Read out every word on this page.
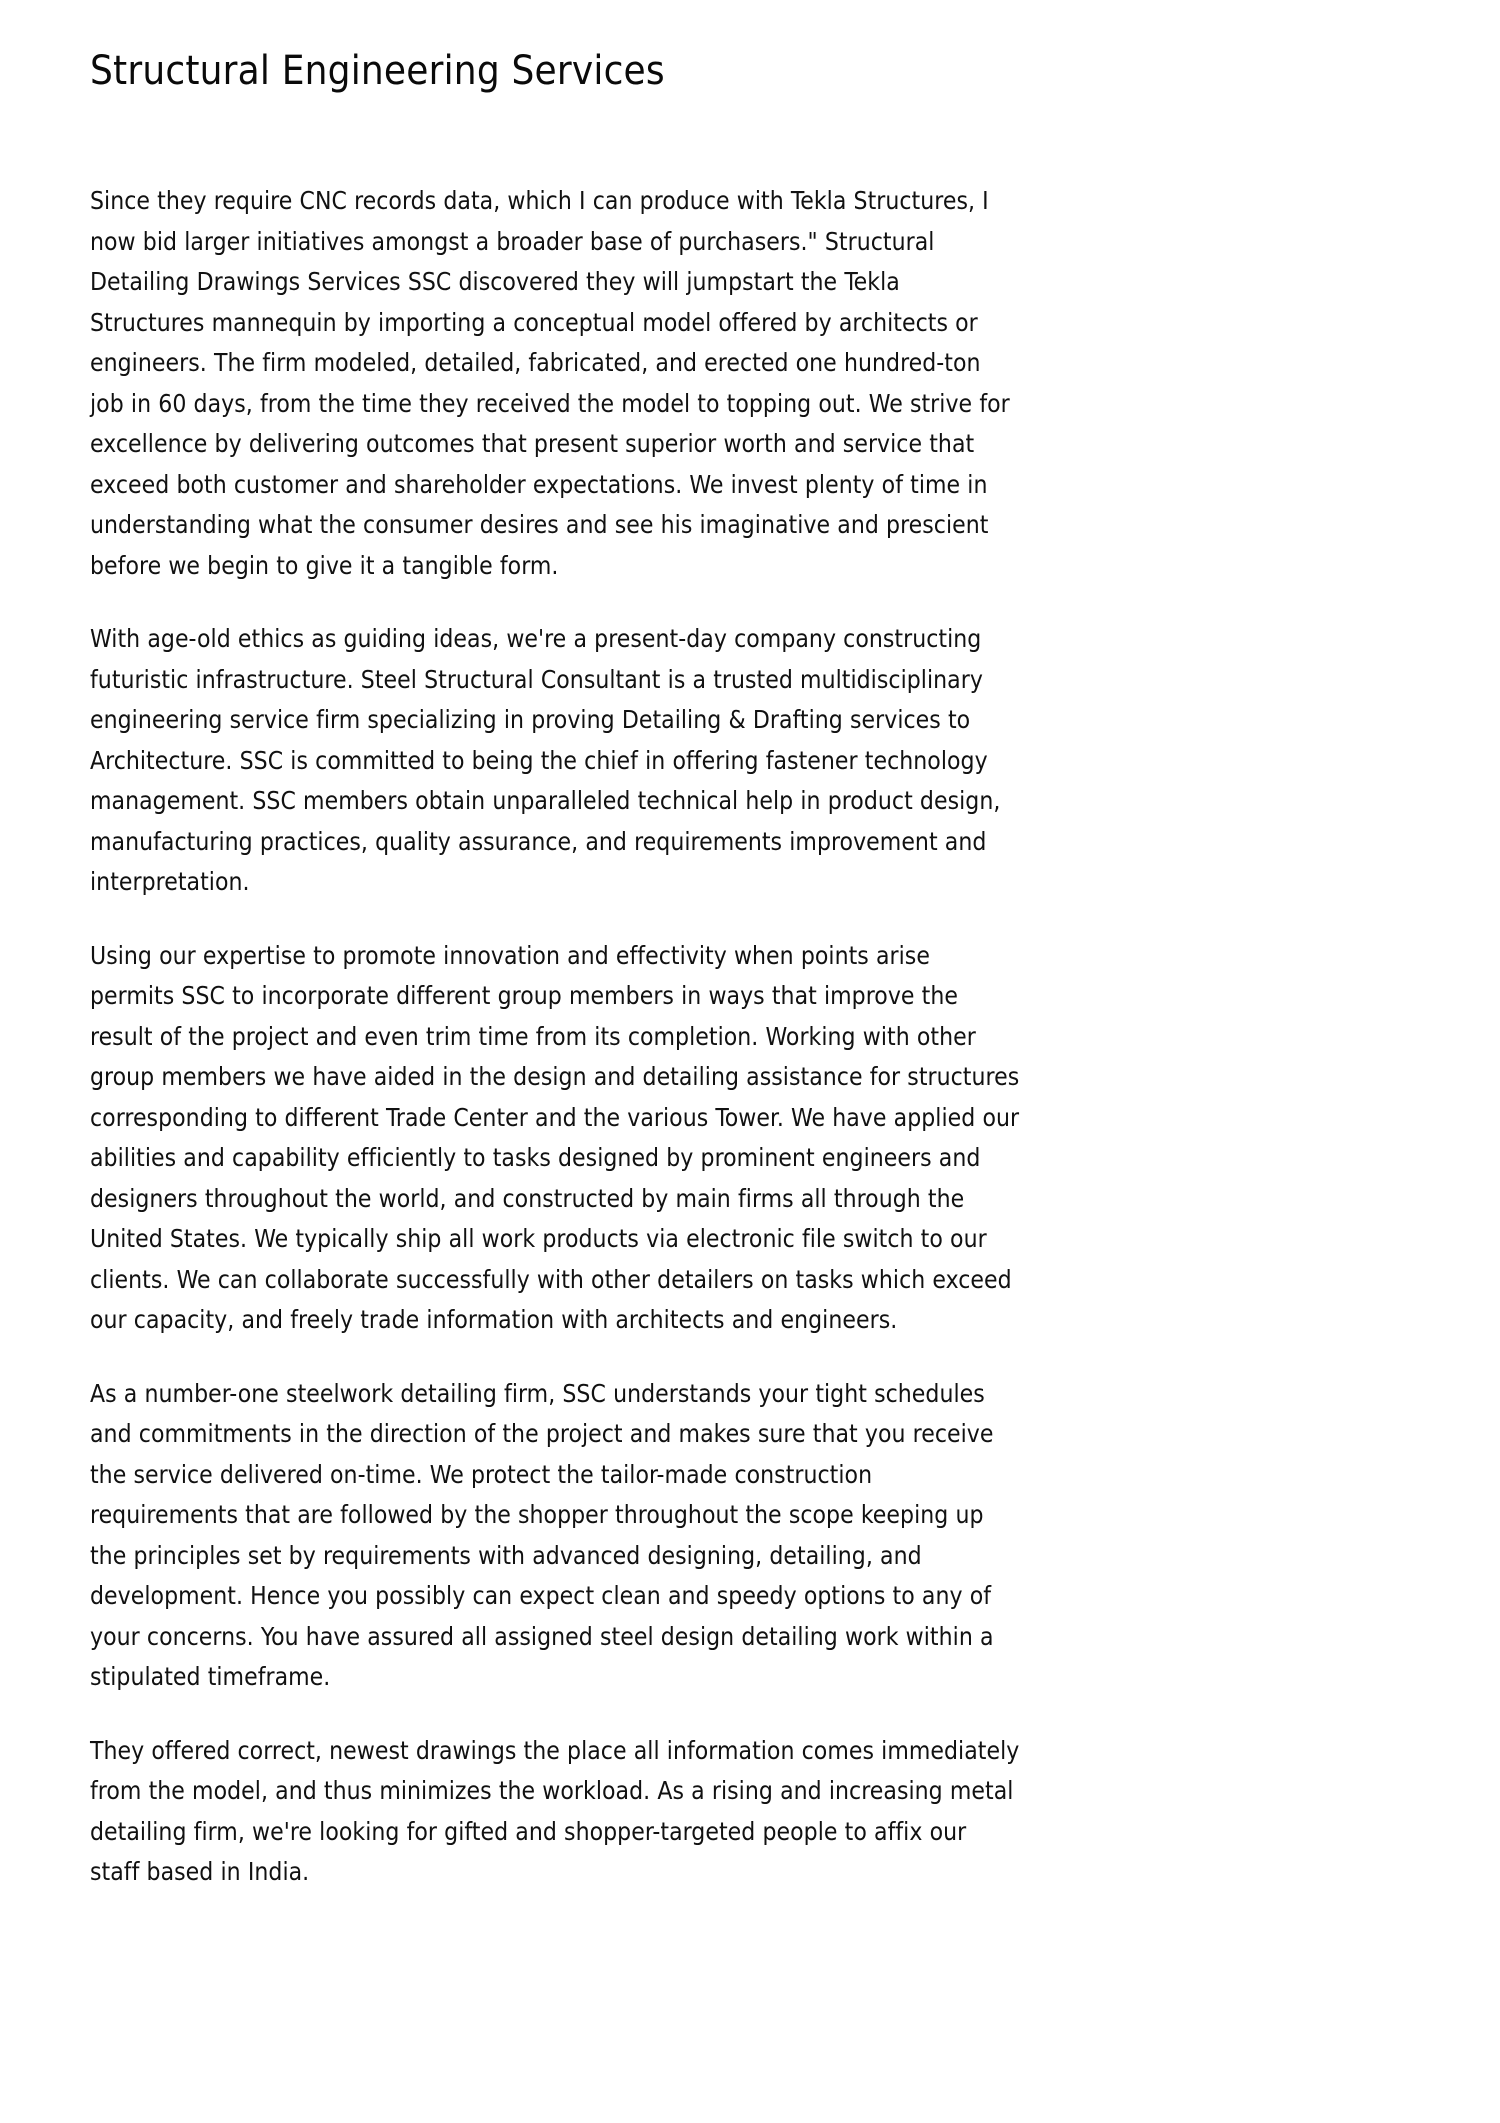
Structural Engineering Services

Since they require CNC records data, which I can produce with Tekla Structures, I now bid larger initiatives amongst a broader base of purchasers." Structural Detailing Drawings Services SSC discovered they will jumpstart the Tekla Structures mannequin by importing a conceptual model offered by architects or engineers. The firm modeled, detailed, fabricated, and erected one hundred-ton job in 60 days, from the time they received the model to topping out. We strive for excellence by delivering outcomes that present superior worth and service that exceed both customer and shareholder expectations. We invest plenty of time in understanding what the consumer desires and see his imaginative and prescient before we begin to give it a tangible form.

With age-old ethics as guiding ideas, we're a present-day company constructing futuristic infrastructure. Steel Structural Consultant is a trusted multidisciplinary engineering service firm specializing in proving Detailing & Drafting services to Architecture. SSC is committed to being the chief in offering fastener technology management. SSC members obtain unparalleled technical help in product design, manufacturing practices, quality assurance, and requirements improvement and interpretation.

Using our expertise to promote innovation and effectivity when points arise permits SSC to incorporate different group members in ways that improve the result of the project and even trim time from its completion. Working with other group members we have aided in the design and detailing assistance for structures corresponding to different Trade Center and the various Tower. We have applied our abilities and capability efficiently to tasks designed by prominent engineers and designers throughout the world, and constructed by main firms all through the United States. We typically ship all work products via electronic file switch to our clients. We can collaborate successfully with other detailers on tasks which exceed our capacity, and freely trade information with architects and engineers.

As a number-one steelwork detailing firm, SSC understands your tight schedules and commitments in the direction of the project and makes sure that you receive the service delivered on-time. We protect the tailor-made construction requirements that are followed by the shopper throughout the scope keeping up the principles set by requirements with advanced designing, detailing, and development. Hence you possibly can expect clean and speedy options to any of your concerns. You have assured all assigned steel design detailing work within a stipulated timeframe.

They offered correct, newest drawings the place all information comes immediately from the model, and thus minimizes the workload. As a rising and increasing metal detailing firm, we're looking for gifted and shopper-targeted people to affix our staff based in India.
